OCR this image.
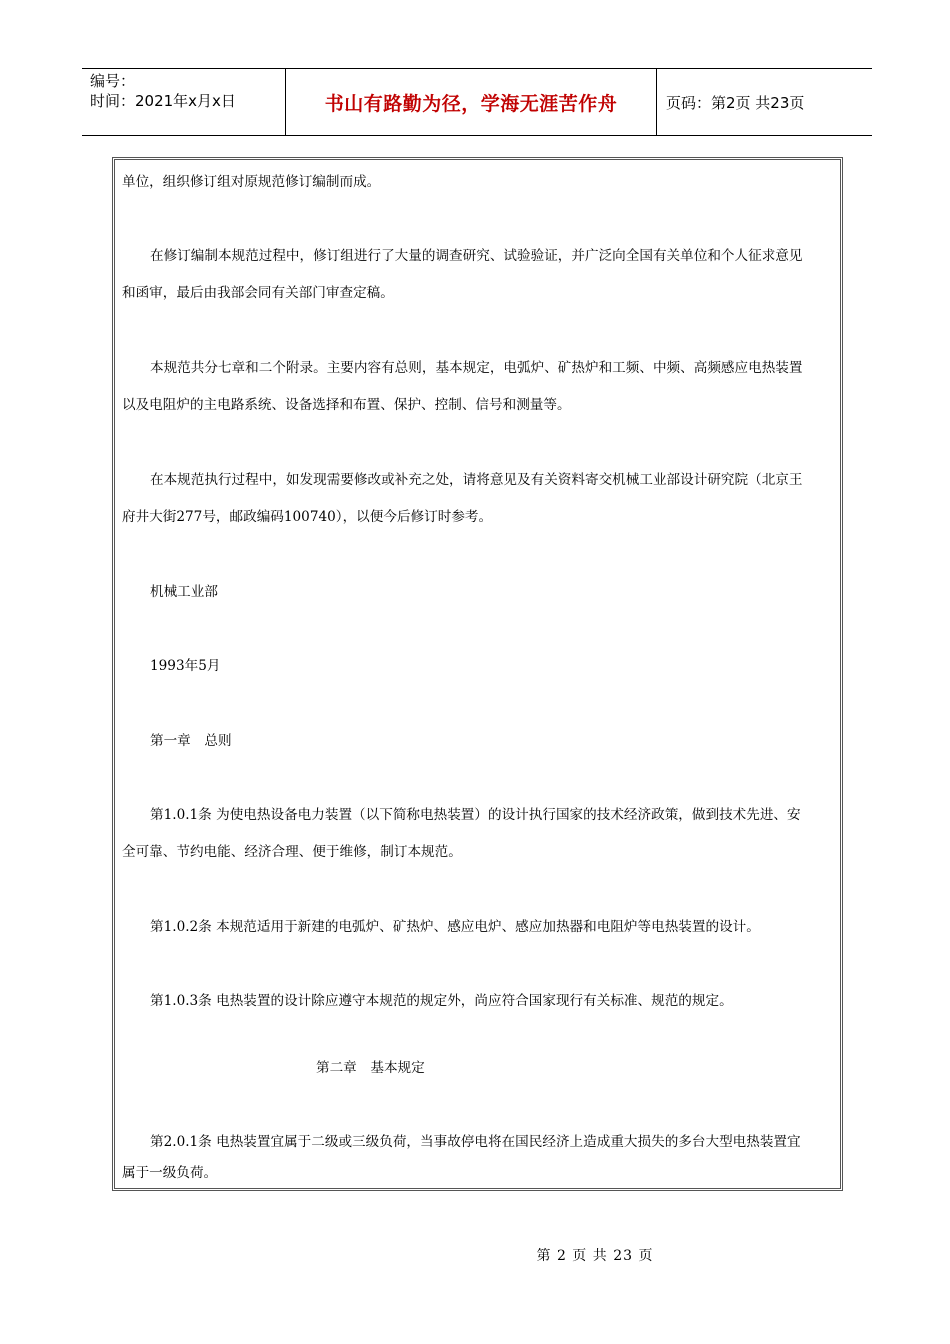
编号：
时间：2021年x月x日	书山有路勤为径，学海无涯苦作舟	页码：第2页 共23页
单位，组织修订组对原规范修订编制而成。
在修订编制本规范过程中，修订组进行了大量的调查研究、试验验证，并广泛向全国有关单位和个人征求意见
和函审，最后由我部会同有关部门审查定稿。
本规范共分七章和二个附录。主要内容有总则，基本规定，电弧炉、矿热炉和工频、中频、高频感应电热装置
以及电阻炉的主电路系统、设备选择和布置、保护、控制、信号和测量等。
在本规范执行过程中，如发现需要修改或补充之处，请将意见及有关资料寄交机械工业部设计研究院（北京王
府井大街277号，邮政编码100740），以便今后修订时参考。
机械工业部
1993年5月
第一章　总则
第1.0.1条 为使电热设备电力装置（以下简称电热装置）的设计执行国家的技术经济政策，做到技术先进、安
全可靠、节约电能、经济合理、便于维修，制订本规范。
第1.0.2条 本规范适用于新建的电弧炉、矿热炉、感应电炉、感应加热器和电阻炉等电热装置的设计。
第1.0.3条 电热装置的设计除应遵守本规范的规定外，尚应符合国家现行有关标准、规范的规定。
第二章　基本规定
第2.0.1条 电热装置宜属于二级或三级负荷，当事故停电将在国民经济上造成重大损失的多台大型电热装置宜
属于一级负荷。
第 2 页 共 23 页
